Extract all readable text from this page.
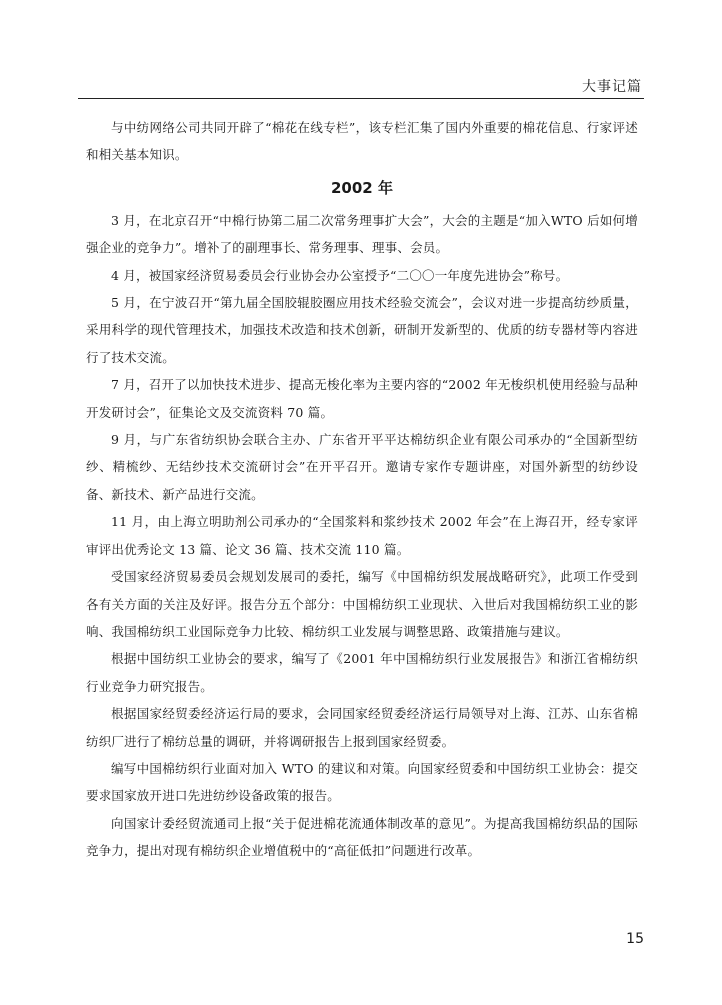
大事记篇

与中纺网络公司共同开辟了“棉花在线专栏”，该专栏汇集了国内外重要的棉花信息、行家评述和相关基本知识。

2002 年

3 月，在北京召开“中棉行协第二届二次常务理事扩大会”，大会的主题是“加入WTO 后如何增强企业的竞争力”。增补了的副理事长、常务理事、理事、会员。

4 月，被国家经济贸易委员会行业协会办公室授予“二〇〇一年度先进协会”称号。

5 月，在宁波召开“第九届全国胶辊胶圈应用技术经验交流会”，会议对进一步提高纺纱质量，采用科学的现代管理技术，加强技术改造和技术创新，研制开发新型的、优质的纺专器材等内容进行了技术交流。

7 月，召开了以加快技术进步、提高无梭化率为主要内容的“2002 年无梭织机使用经验与品种开发研讨会”，征集论文及交流资料 70 篇。

9 月，与广东省纺织协会联合主办、广东省开平平达棉纺织企业有限公司承办的“全国新型纺纱、精梳纱、无结纱技术交流研讨会”在开平召开。邀请专家作专题讲座，对国外新型的纺纱设备、新技术、新产品进行交流。

11 月，由上海立明助剂公司承办的“全国浆料和浆纱技术 2002 年会”在上海召开，经专家评审评出优秀论文 13 篇、论文 36 篇、技术交流 110 篇。

受国家经济贸易委员会规划发展司的委托，编写《中国棉纺织发展战略研究》，此项工作受到各有关方面的关注及好评。报告分五个部分：中国棉纺织工业现状、入世后对我国棉纺织工业的影响、我国棉纺织工业国际竞争力比较、棉纺织工业发展与调整思路、政策措施与建议。

根据中国纺织工业协会的要求，编写了《2001 年中国棉纺织行业发展报告》和浙江省棉纺织行业竞争力研究报告。

根据国家经贸委经济运行局的要求，会同国家经贸委经济运行局领导对上海、江苏、山东省棉纺织厂进行了棉纺总量的调研，并将调研报告上报到国家经贸委。

编写中国棉纺织行业面对加入 WTO 的建议和对策。向国家经贸委和中国纺织工业协会：提交要求国家放开进口先进纺纱设备政策的报告。

向国家计委经贸流通司上报“关于促进棉花流通体制改革的意见”。为提高我国棉纺织品的国际竞争力，提出对现有棉纺织企业增值税中的“高征低扣”问题进行改革。

15
